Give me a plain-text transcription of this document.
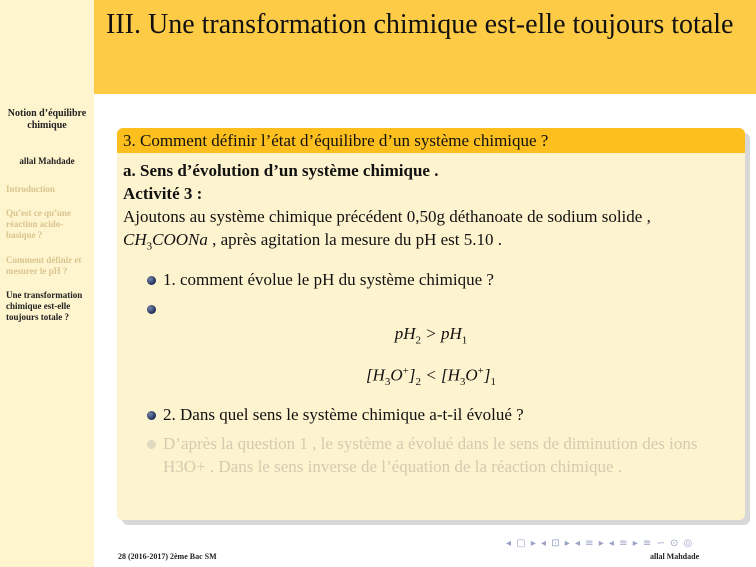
Notion d’équilibre chimique
allal Mahdade
Introduction
Qu’est ce qu’une réaction acido-basique ?
Comment définir et mesurer le pH ?
Une transformation chimique est-elle toujours totale ?
III. Une transformation chimique est-elle toujours totale
3. Comment définir l’état d’équilibre d’un système chimique ?
a. Sens d’évolution d’un système chimique .
Activité 3 :
Ajoutons au système chimique précédent 0,50g déthanoate de sodium solide , $CH_3COONa$ , après agitation la mesure du pH est 5.10 .
1. comment évolue le pH du système chimique ?
$pH_2 > pH_1$
$[H_3O^+]_2 < [H_3O^+]_1$
2. Dans quel sens le système chimique a-t-il évolué ?
D’après la question 1 , le système a évolué dans le sens de diminution des ions H3O+ . Dans le sens inverse de l’équation de la réaction chimique .
◂ ▢ ▸ ◂ ⊡ ▸ ◂ ≡ ▸ ◂ ≡ ▸ ≡ ∽ ⊙ ◎
28 (2016-2017) 2ème Bac SM	allal Mahdade
